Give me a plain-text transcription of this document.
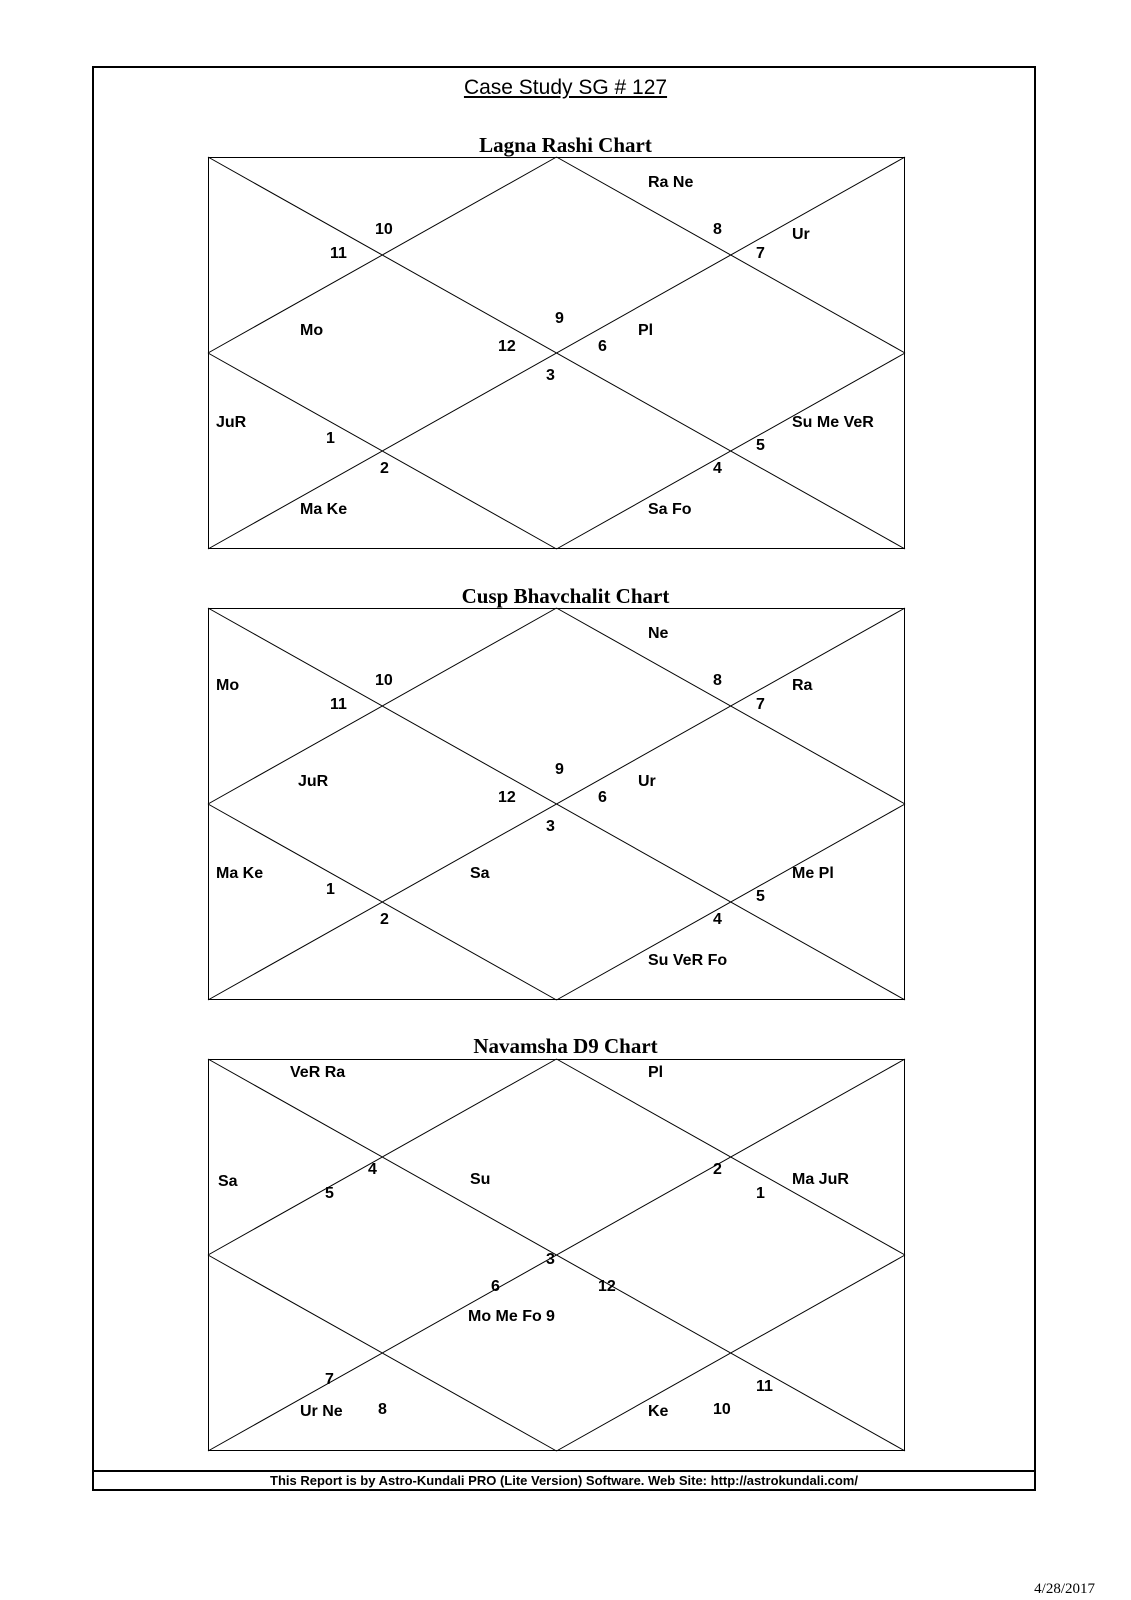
Case Study SG # 127
Lagna Rashi Chart
9
Pl
10
11
Mo
12
JuR
1
2
Ma Ke
3
4
5
Sa Fo
6
Su Me VeR
7
Ur
8
Ra Ne
Cusp Bhavchalit Chart
9
Ur
10
Mo
11
JuR
12
Ma Ke
1
2
3
Sa
4
5
Su VeR Fo
6
Me Pl
7
Ra
8
Ne
Navamsha D9 Chart
3
Su
4
VeR Ra
5
Sa
6
7
8
Ur Ne
9
Mo Me Fo
10
Ke
11
12
1
Ma JuR
2
Pl
This Report is by Astro-Kundali PRO (Lite Version) Software. Web Site: http://astrokundali.com/
4/28/2017
